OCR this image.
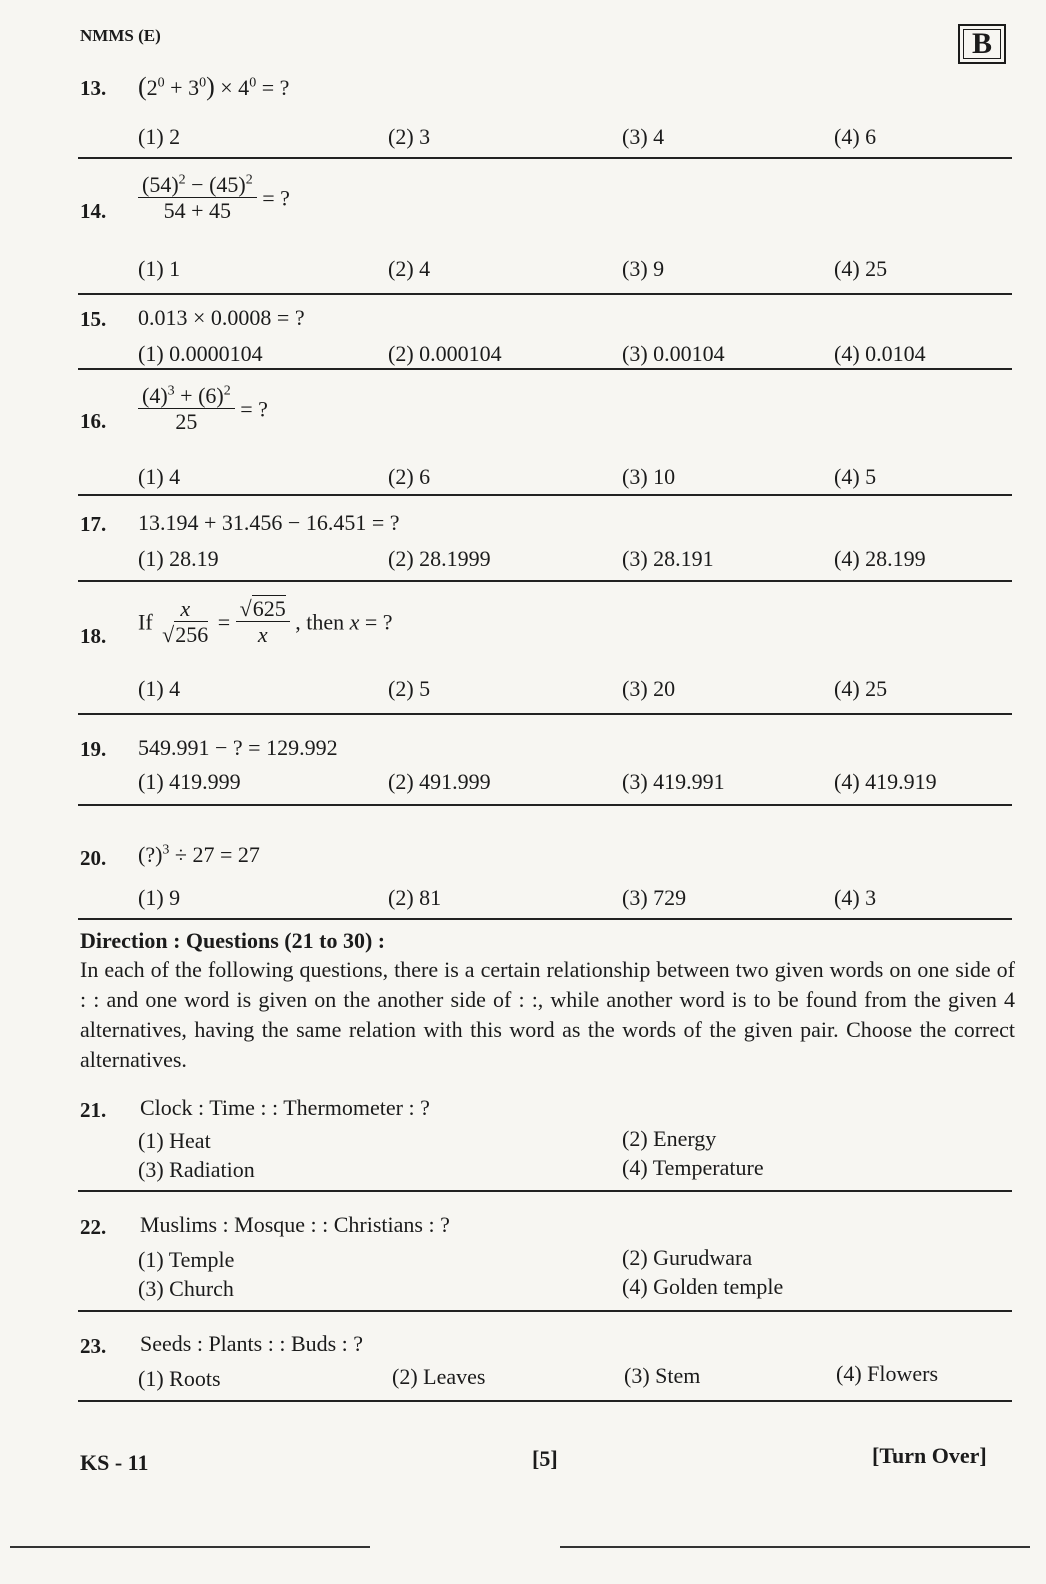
NMMS (E)	B
13. $(2^0 + 3^0) \times 4^0$ = ?
(1) 2	(2) 3	(3) 4	(4) 6
14. $\frac{(54)^2 - (45)^2}{54 + 45}$ = ?
(1) 1	(2) 4	(3) 9	(4) 25
15. 0.013 × 0.0008 = ?
(1) 0.0000104	(2) 0.000104	(3) 0.00104	(4) 0.0104
16. $\frac{(4)^3 + (6)^2}{25}$ = ?
(1) 4	(2) 6	(3) 10	(4) 5
17. 13.194 + 31.456 − 16.451 = ?
(1) 28.19	(2) 28.1999	(3) 28.191	(4) 28.199
18.
If $\frac{x}{√256} = \frac{√625}{x}$ , then x = ?
(1) 4	(2) 5	(3) 20	(4) 25
19. 549.991 − ? = 129.992
(1) 419.999	(2) 491.999	(3) 419.991	(4) 419.919
20. (?)$^3$ ÷ 27 = 27
(1) 9	(2) 81	(3) 729	(4) 3
Direction : Questions (21 to 30) :
In each of the following questions, there is a certain relationship between two given words on one side of : : and one word is given on the another side of : :, while another word is to be found from the given 4 alternatives, having the same relation with this word as the words of the given pair. Choose the correct alternatives.
21. Clock : Time : : Thermometer : ?
(1) Heat	(2) Energy
(3) Radiation	(4) Temperature
22. Muslims : Mosque : : Christians : ?
(1) Temple	(2) Gurudwara
(3) Church	(4) Golden temple
23. Seeds : Plants : : Buds : ?
(1) Roots	(2) Leaves	(3) Stem	(4) Flowers
KS - 11	[5]	[Turn Over]
